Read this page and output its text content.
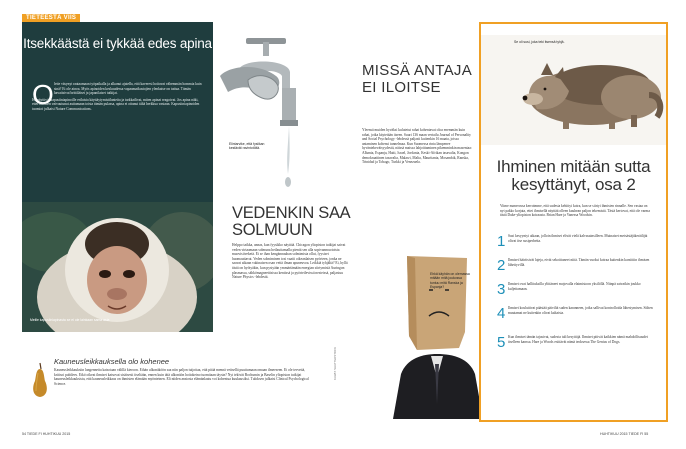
TIETEESTÄ VIIS
Itsekkäästä ei tykkää edes apina
O lette väsynyt raataamaan työpaikalla ja alkanut ajatella, että kaveresi hoitavat vähemmän hommia kuin sinä? Et ole ainoa. Myös apinoiden keskuudessa vapaamatkustajien ylenkatse on tuttua. Tämän havaitsivat brittiläiset ja japanilaiset tutkijat.

He näyttivät kapusiiniapinoille erilaisia käyttäytymistilanteita ja tarkkailivat, miten apinat reagoivat. Jos apina näki, ettei ihminen vaivautunut auttamaan toista tämän pulassa, apina ei ottanut tältä herkkua vastaan. Kapusiiniapinoiden tuomiot julkaisi Nature Communications.

Meille kapusiiniapinasta se ei ole lainkaan sama asia
Kauneusleikkauksella olo kohenee
Kauneusleikkauksiin langenneita katsotaan välillä kieroon. Eihän ulkonäköön saa niin paljon tuijottaa, että pitää mennä veitsellä puuttumaan omaan ilmeeseen. Ei ole tervettä, kritisoi pubilees. Eikö oikeat ihmiset katsovat sisäisesti itseltään, ennen kuin tätä ulkonäön hoitokeino tuomitaan täysin? Nyt tekivät Bochumin ja Baselin yliopiston tutkijat kauneusleikkauksista, että kauneusleikkaus on ihmisten elämään myönteinen. Eli niiden ansiosta elämänlaatu voi kohentua kuukausiksi. Tuloksen julkaisi Clinical Psychological Science.
Elintarvike, että fysiikan kestävät ravintotöitä.
VEDENKIN SAA SOLMUUN
Helppo taikka, annas, kun fyysikko näyttää. Chicagon yliopiston tutkijat saivat veden virtaamaan solmuna heilauttamalla pieniä sen alla sopivanmuotoista muovisiiveketä. Ei se ihan kengännauhan solmimista ollut, fyysiset huomauttavat. Veden solmiminen tosi vaatii oikeanlaisen pyörteen, jonka ne saavat aikaan vakinaisen osan vettä ilman apuneuvoa. Leikkiä tyhjältä? Ei, hyllä tästä on hyötyäkin, kun pystyään ymmärtämään energian siirtymistä Auringon plasmassa, sähkömagneettisissa kentissä ja pyörteilevissä nesteissä, paljastuu Nature Physics -lehdestä.
KUVAT: SHUTTERSTOCK
54 TIEDE FI HUHTIKUU 2015
MISSÄ ANTAJA EI ILOITSE
Yleensä muiden hyväksi kulutetut rahat kohentavat oloa enemmän kuin rahat, jotka käytetään itseen. Suuri 136 maan vertailu Journal of Personality and Social Psychology -lehdessä paljasti kuitenkin 16 maata, joissa antaminen kohensi tunnelmaa. Kun Suomessa rinta lämpenee hyväntekeväisyydestä, näissä maissa lahjoittaminen pikemminkin masentaa: Albania, Espanja, Haiti, Israel, Jordania, Keski-Afrikan tasavalta, Kongon demokraattinen tasavalta, Malawi, Malta, Mauritania, Mosambik, Ranska, Trinidad ja Tobago, Turkki ja Venezuela.
Ehkä käyhän on olemassa mitään mitä joukossa tuntuu mitä Ranska ja Espanja?
Se oli susi, joka teki itsensä tyhjä.
Ihminen mitään sutta kesyttänyt, osa 2
Viime numerossa kerroimme, että sudesta kehittyi koira, kun se siirtyi ihmisten rinnalle. Sen vastaa on nyt pakko korjata, ettei ihmisellä näyttää olleen kauhean paljon tekemistä. Tästä kertovat, että ole varma tästä Duke-yliopiston koiraasta. Brian Hare ja Vanessa Woodsin.
1 Susi kesyyntyi aikaan, jolloin ihmiset elivät vielä kalvasainsilleen. Muinaiset metsästäjäkeräilijät olivat itse susiperheita.
2 Ihmiset häiritsivät lajeja, eivät sekoittaneet niitä. Tämän vuoksi koiraa kuitenkin karsittiin ihmisen lähettyvillä.
3 Ihmiset ovat hallituksilla ylittäneet mojovalla elaimistoon yksilöllä. Niinpä saivatkin joukko kuljettamaan.
4 Ihmiset kouluttivat päästää päiviltä suden karanneen, jotka sallivat kontrolloida lähestymisen. Siihen muutamat ne kuitenkin olivat kaltaisia.
5 Kun ihmiset tämän tajusivat, sudesta tuli kesyttäjä. Ihmiset pitivät kaikkien nämä mahdollisuudet itselleen kanssa. Hare ja Woods esittävät nämä teoksessa The Genius of Dogs.
HUHTIKUU 2015 TIEDE FI 55
